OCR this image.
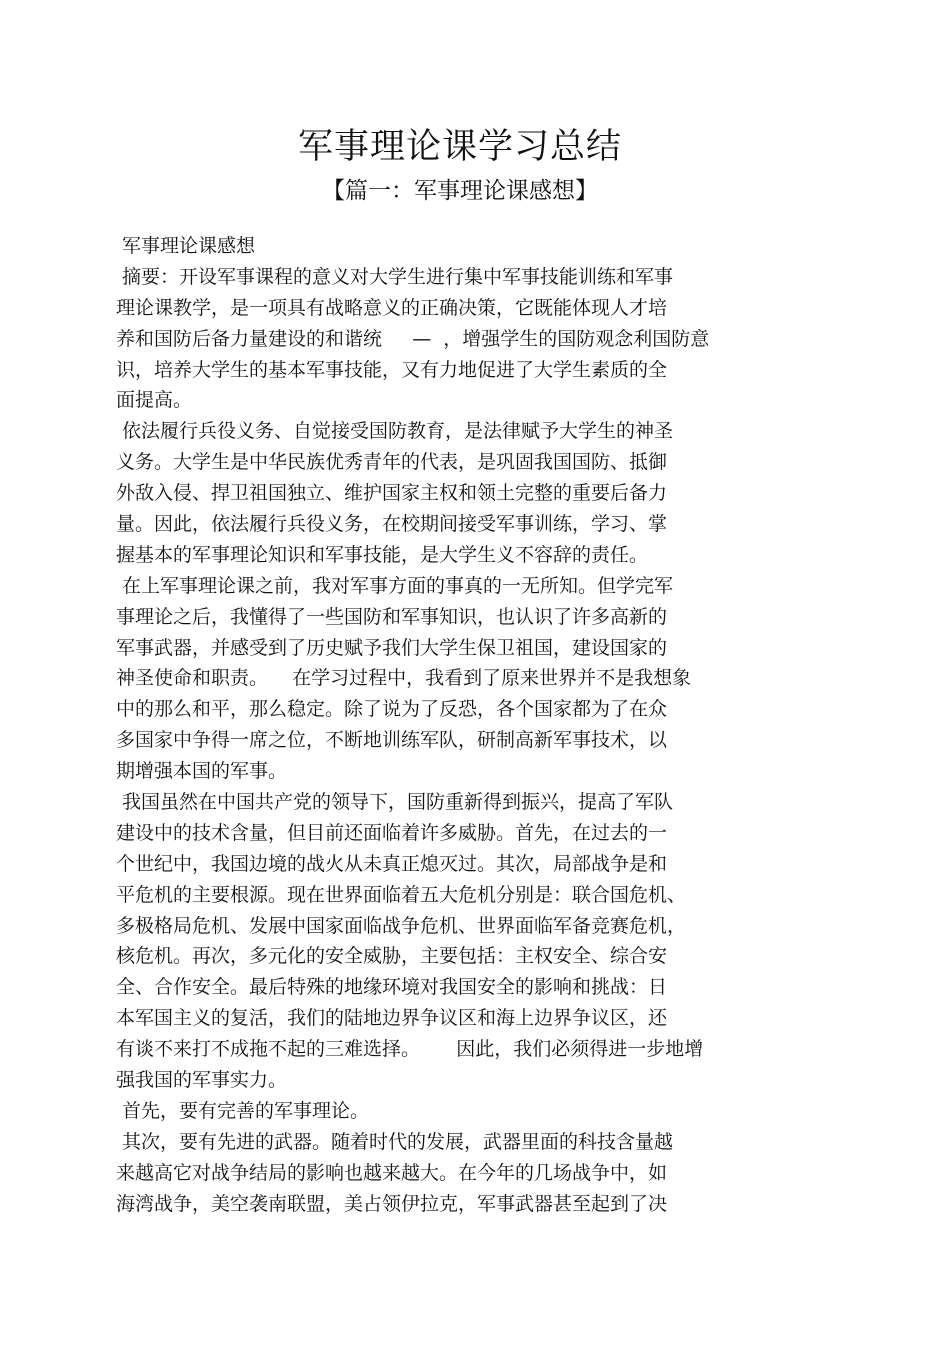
军事理论课学习总结
【篇一：军事理论课感想】
军事理论课感想
摘要：开设军事课程的意义对大学生进行集中军事技能训练和军事
理论课教学，是一项具有战略意义的正确决策，它既能体现人才培
养和国防后备力量建设的和谐统     —  ，增强学生的国防观念利国防意
识，培养大学生的基本军事技能，又有力地促进了大学生素质的全
面提高。
依法履行兵役义务、自觉接受国防教育，是法律赋予大学生的神圣
义务。大学生是中华民族优秀青年的代表，是巩固我国国防、抵御
外敌入侵、捍卫祖国独立、维护国家主权和领土完整的重要后备力
量。因此，依法履行兵役义务，在校期间接受军事训练，学习、掌
握基本的军事理论知识和军事技能，是大学生义不容辞的责任。
在上军事理论课之前，我对军事方面的事真的一无所知。但学完军
事理论之后，我懂得了一些国防和军事知识，也认识了许多高新的
军事武器，并感受到了历史赋予我们大学生保卫祖国，建设国家的
神圣使命和职责。    在学习过程中，我看到了原来世界并不是我想象
中的那么和平，那么稳定。除了说为了反恐，各个国家都为了在众
多国家中争得一席之位，不断地训练军队，研制高新军事技术，以
期增强本国的军事。
我国虽然在中国共产党的领导下，国防重新得到振兴，提高了军队
建设中的技术含量，但目前还面临着许多威胁。首先，在过去的一
个世纪中，我国边境的战火从未真正熄灭过。其次，局部战争是和
平危机的主要根源。现在世界面临着五大危机分别是：联合国危机、
多极格局危机、发展中国家面临战争危机、世界面临军备竞赛危机，
核危机。再次，多元化的安全威胁，主要包括：主权安全、综合安
全、合作安全。最后特殊的地缘环境对我国安全的影响和挑战：日
本军国主义的复活，我们的陆地边界争议区和海上边界争议区，还
有谈不来打不成拖不起的三难选择。      因此，我们必须得进一步地增
强我国的军事实力。
首先，要有完善的军事理论。
其次，要有先进的武器。随着时代的发展，武器里面的科技含量越
来越高它对战争结局的影响也越来越大。在今年的几场战争中，如
海湾战争，美空袭南联盟，美占领伊拉克，军事武器甚至起到了决
